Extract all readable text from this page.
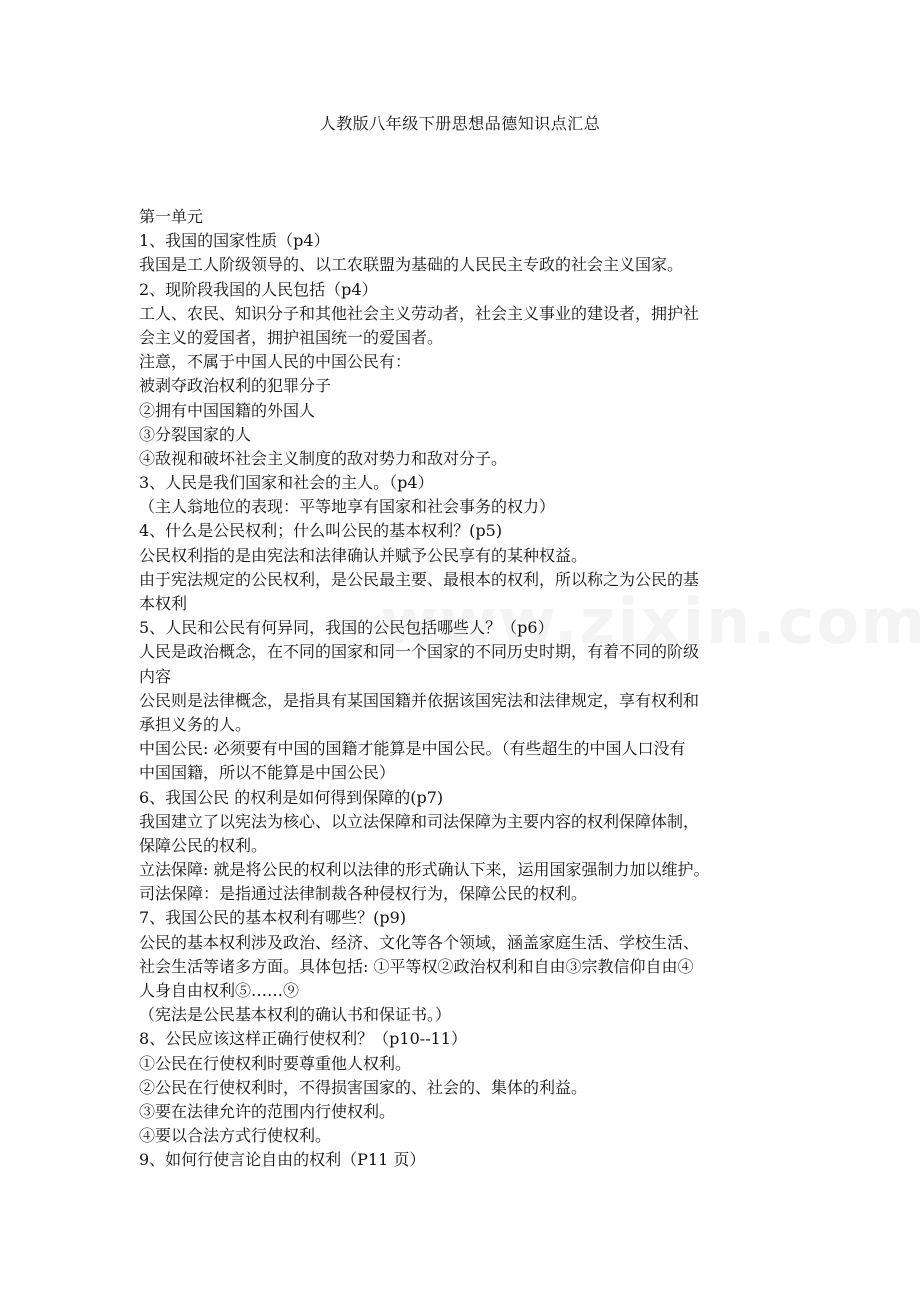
人教版八年级下册思想品德知识点汇总
第一单元
1、我国的国家性质（p4）
我国是工人阶级领导的、以工农联盟为基础的人民民主专政的社会主义国家。
2、现阶段我国的人民包括（p4）
工人、农民、知识分子和其他社会主义劳动者，社会主义事业的建设者，拥护社
会主义的爱国者，拥护祖国统一的爱国者。
注意，不属于中国人民的中国公民有：
被剥夺政治权利的犯罪分子
②拥有中国国籍的外国人
③分裂国家的人
④敌视和破坏社会主义制度的敌对势力和敌对分子。
3、人民是我们国家和社会的主人。（p4）
（主人翁地位的表现：平等地享有国家和社会事务的权力）
4、什么是公民权利；什么叫公民的基本权利？(p5)
公民权利指的是由宪法和法律确认并赋予公民享有的某种权益。
由于宪法规定的公民权利，是公民最主要、最根本的权利，所以称之为公民的基
本权利
5、人民和公民有何异同，我国的公民包括哪些人？（p6）
人民是政治概念，在不同的国家和同一个国家的不同历史时期，有着不同的阶级
内容
公民则是法律概念，是指具有某国国籍并依据该国宪法和法律规定，享有权利和
承担义务的人。
中国公民: 必须要有中国的国籍才能算是中国公民。（有些超生的中国人口没有
中国国籍，所以不能算是中国公民）
6、我国公民 的权利是如何得到保障的(p7)
我国建立了以宪法为核心、以立法保障和司法保障为主要内容的权利保障体制，
保障公民的权利。
立法保障: 就是将公民的权利以法律的形式确认下来，运用国家强制力加以维护。
司法保障：是指通过法律制裁各种侵权行为，保障公民的权利。
7、我国公民的基本权利有哪些？(p9)
公民的基本权利涉及政治、经济、文化等各个领域，涵盖家庭生活、学校生活、
社会生活等诸多方面。具体包括: ①平等权②政治权利和自由③宗教信仰自由④
人身自由权利⑤……⑨
（宪法是公民基本权利的确认书和保证书。）
8、公民应该这样正确行使权利？（p10--11）
①公民在行使权利时要尊重他人权利。
②公民在行使权利时，不得损害国家的、社会的、集体的利益。
③要在法律允许的范围内行使权利。
④要以合法方式行使权利。
9、如何行使言论自由的权利（P11 页）
